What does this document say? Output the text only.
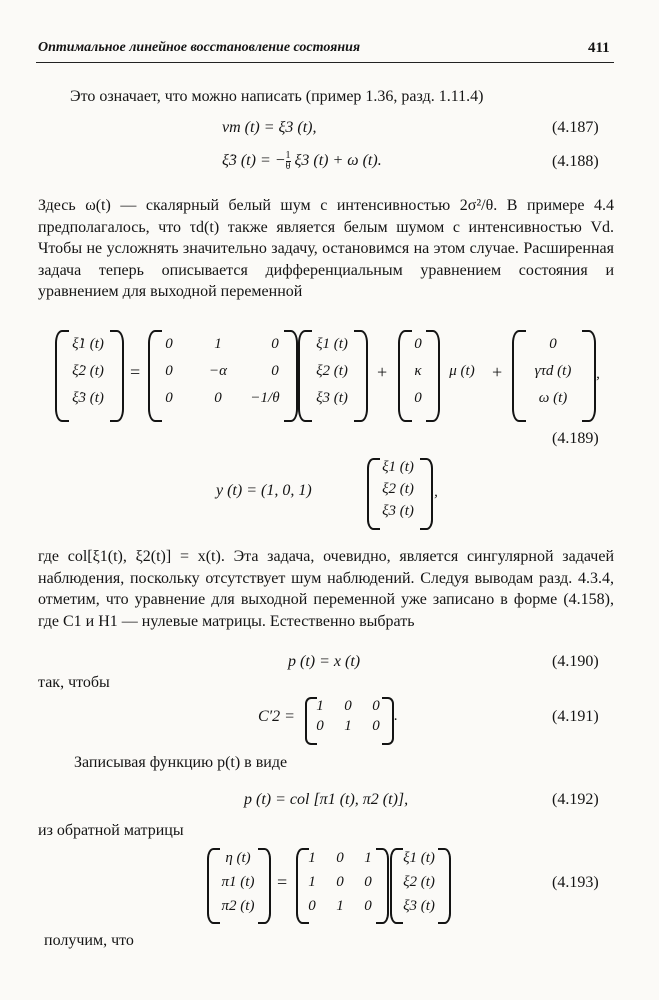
Оптимальное линейное восстановление состояния	411
Это означает, что можно написать (пример 1.36, разд. 1.11.4)
νm (t) = ξ3 (t),	(4.187)
ξ̇3 (t) = − $\frac{1}{\theta} \xi 3$ (t) + ω (t).	(4.188)
Здесь ω(t) — скалярный белый шум с интенсивностью 2σ²/θ. В примере 4.4 предполагалось, что τd(t) также является белым шумом с интенсивностью Vd. Чтобы не усложнять значительно задачу, остановимся на этом случае. Расширенная задача теперь описывается дифференциальным уравнением состояния и уравнением для выходной переменной
ξ̇1 (t)
ξ̇2 (t)
ξ̇3 (t)
=
0	1	0
0	−α	0
0	0	−1/θ
ξ1 (t)
ξ2 (t)
ξ3 (t)
+
0
κ
0
μ (t) +
0
γτd (t)
ω (t)
,
(4.189)
y (t) = (1, 0, 1)
ξ1 (t)
ξ2 (t)
ξ3 (t)
,
где col[ξ1(t), ξ2(t)] = x(t). Эта задача, очевидно, является сингулярной задачей наблюдения, поскольку отсутствует шум наблюдений. Следуя выводам разд. 4.3.4, отметим, что уравнение для выходной переменной уже записано в форме (4.158), где C1 и H1 — нулевые матрицы. Естественно выбрать
p (t) = x (t)	(4.190)
так, чтобы
C′2 =
1	0	0
0	1	0
.	(4.191)
Записывая функцию p(t) в виде
p (t) = col [π1 (t), π2 (t)],	(4.192)
из обратной матрицы
η (t)
π1 (t)
π2 (t)
=
1	0	1
1	0	0
0	1	0
ξ1 (t)
ξ2 (t)
ξ3 (t)
(4.193)
получим, что
